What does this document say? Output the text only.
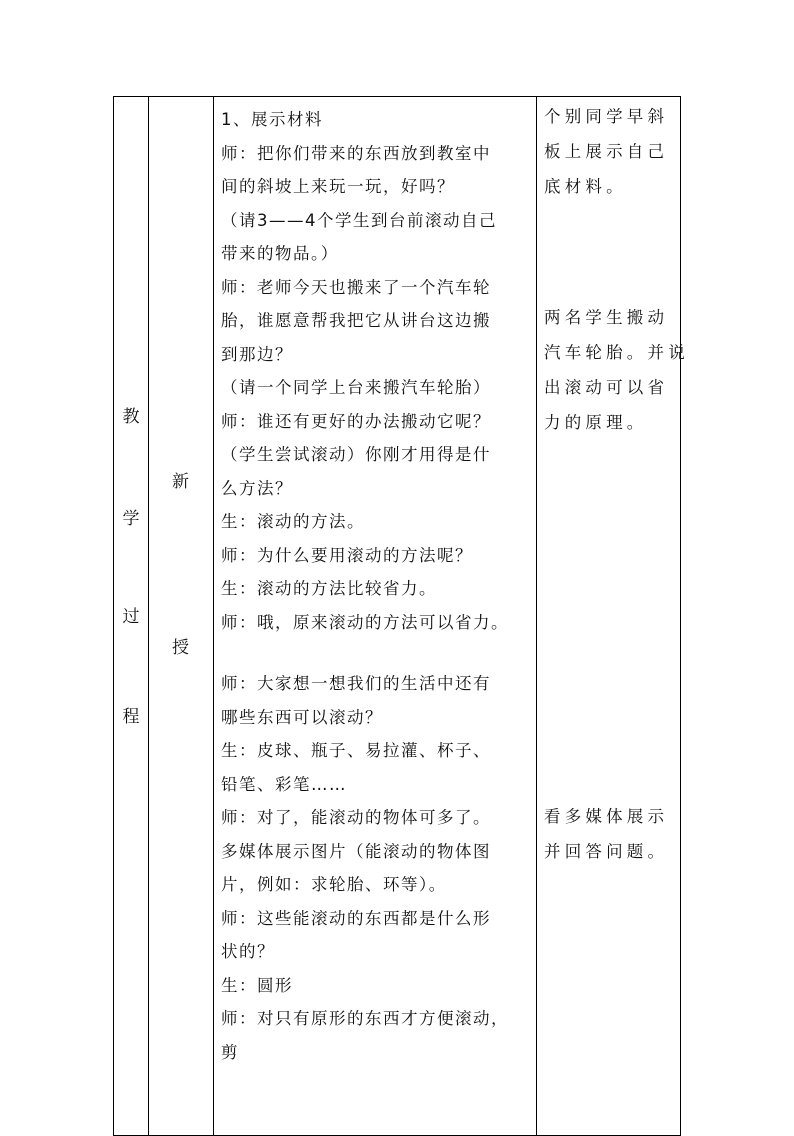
教
学
过
程
新
授
1、展示材料
师：把你们带来的东西放到教室中
间的斜坡上来玩一玩，好吗？
（请3——4个学生到台前滚动自己
带来的物品。）
师：老师今天也搬来了一个汽车轮
胎，谁愿意帮我把它从讲台这边搬
到那边？
（请一个同学上台来搬汽车轮胎）
师：谁还有更好的办法搬动它呢？
（学生尝试滚动）你刚才用得是什
么方法？
生：滚动的方法。
师：为什么要用滚动的方法呢？
生：滚动的方法比较省力。
师：哦，原来滚动的方法可以省力。
师：大家想一想我们的生活中还有
哪些东西可以滚动？
生：皮球、瓶子、易拉灌、杯子、
铅笔、彩笔……
师：对了，能滚动的物体可多了。
多媒体展示图片（能滚动的物体图
片，例如：求轮胎、环等）。
师：这些能滚动的东西都是什么形
状的？
生：圆形
师：对只有原形的东西才方便滚动，
剪
个别同学早斜
板上展示自己
底材料。
两名学生搬动
汽车轮胎。并说
出滚动可以省
力的原理。
看多媒体展示
并回答问题。
